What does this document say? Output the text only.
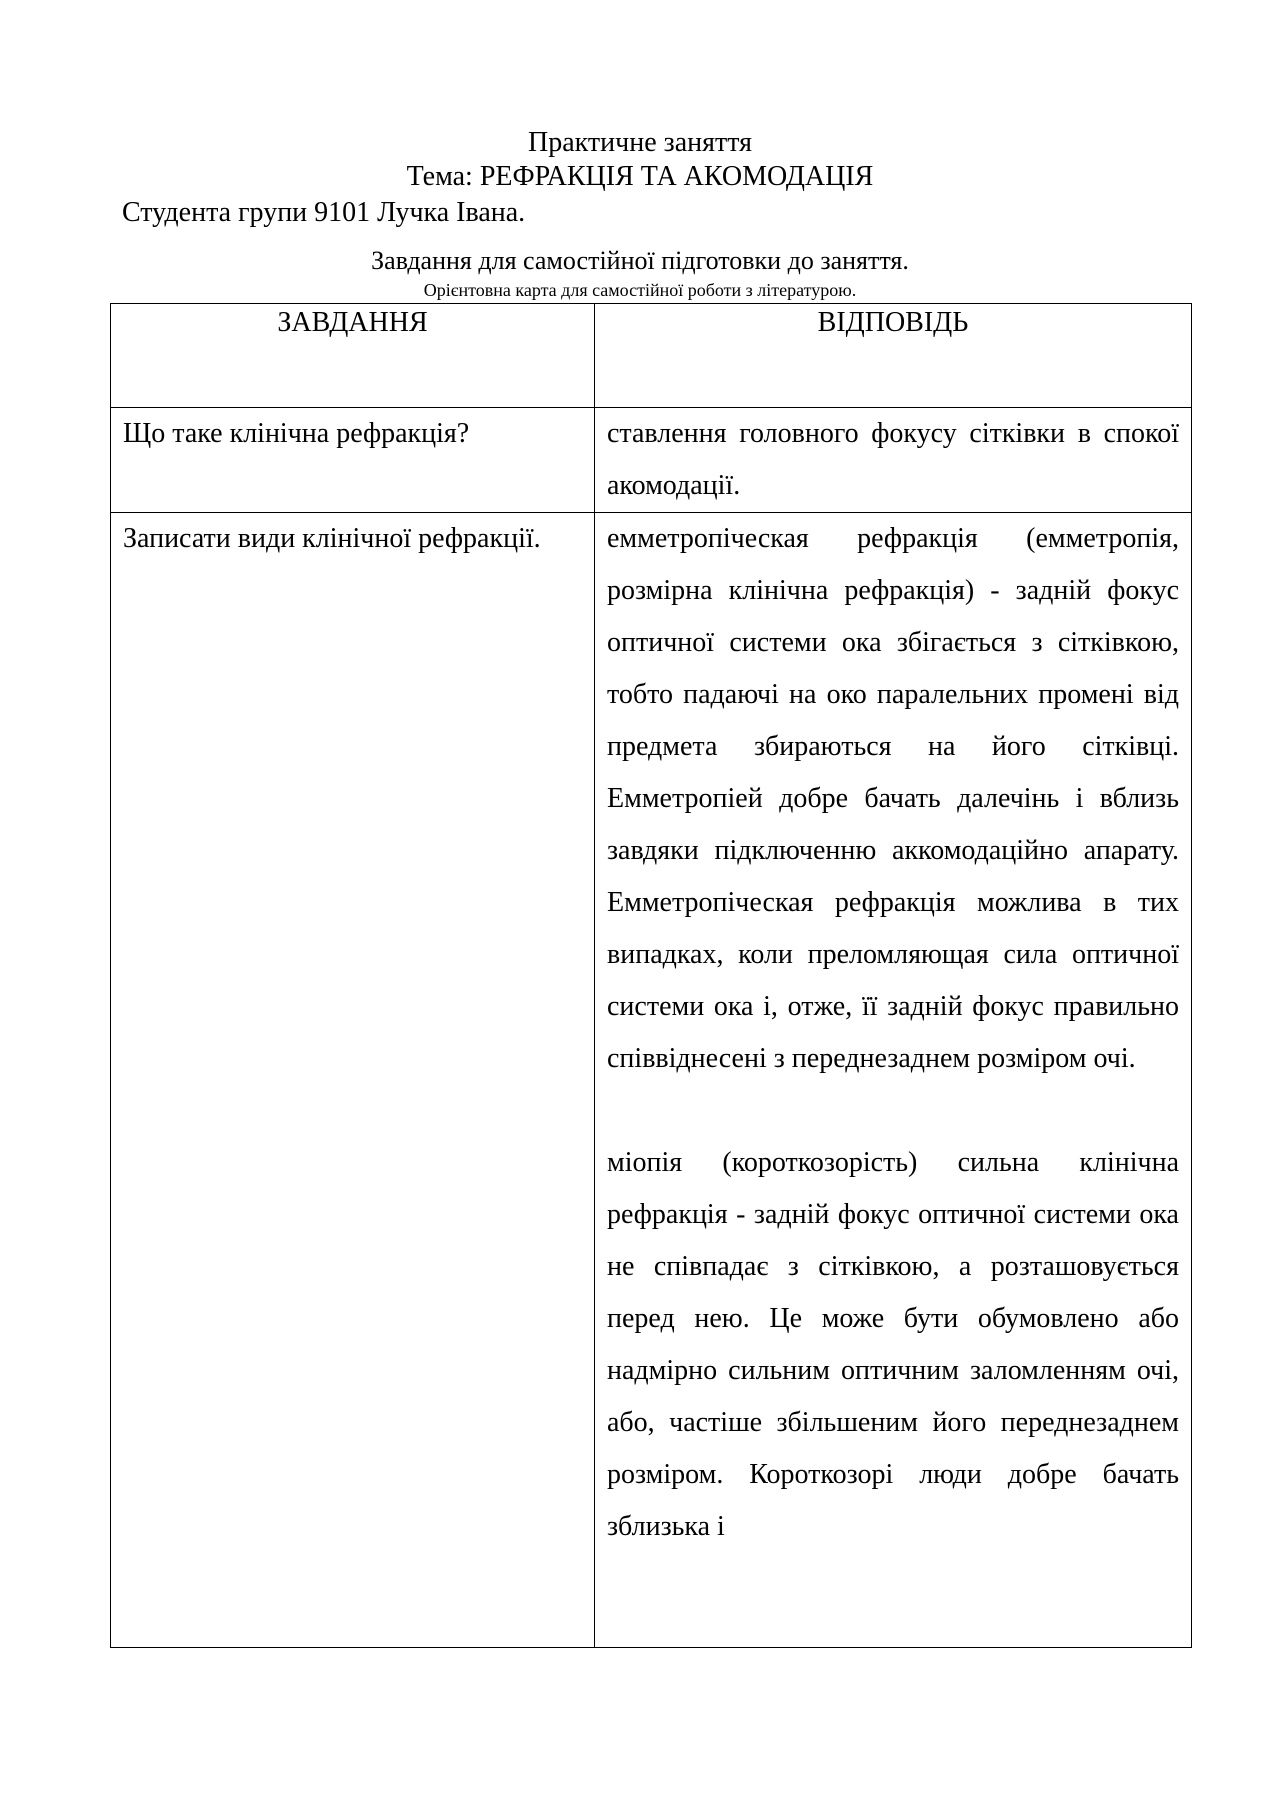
Практичне заняття

Тема: РЕФРАКЦІЯ ТА АКОМОДАЦІЯ

Студента групи 9101 Лучка Івана.

Завдання для самостійної підготовки до заняття.

Орієнтовна карта для самостійної роботи з літературою.

ЗАВДАННЯ	ВІДПОВІДЬ
Що таке клінічна рефракція?	ставлення головного фокусу сітківки в спокої акомодації.

Записати види клінічної рефракції.	емметропіческая рефракція (емметропія, розмірна клінічна рефракція) - задній фокус оптичної системи ока збігається з сітківкою, тобто падаючі на око паралельних промені від предмета збираються на його сітківці. Емметропіей добре бачать далечінь і вблизь завдяки підключенню аккомодаційно апарату. Емметропіческая рефракція можлива в тих випадках, коли преломляющая сила оптичної системи ока і, отже, її задній фокус правильно співвіднесені з переднезаднем розміром очі.

міопія (короткозорість) сильна клінічна рефракція - задній фокус оптичної системи ока не співпадає з сітківкою, а розташовується перед нею. Це може бути обумовлено або надмірно сильним оптичним заломленням очі, або, частіше збільшеним його переднезаднем розміром. Короткозорі люди добре бачать зблизька і
